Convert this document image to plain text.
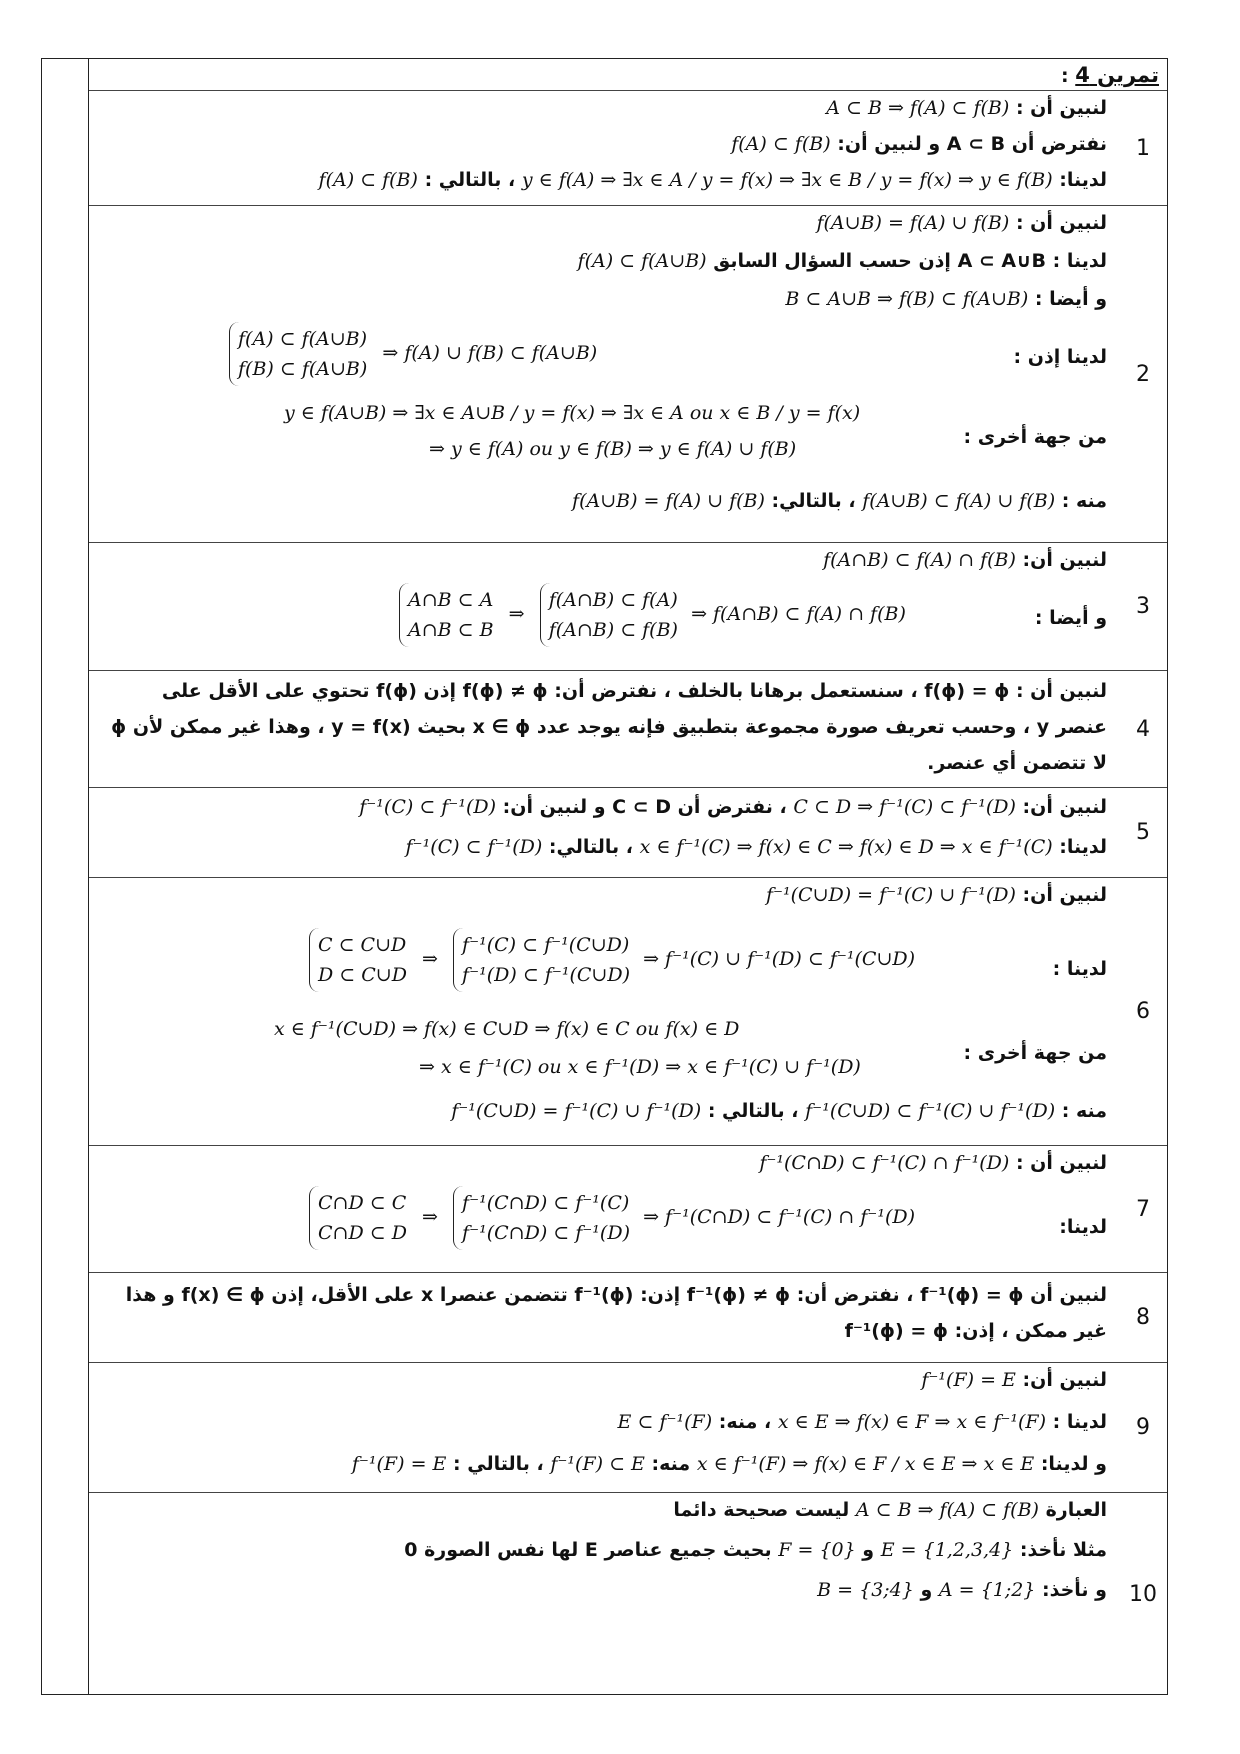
تمرين 4 :
1
لنبين أن : A ⊂ B ⇒ f(A) ⊂ f(B)
نفترض أن A ⊂ B و لنبين أن: f(A) ⊂ f(B)
لدينا: y ∈ f(A) ⇒ ∃x ∈ A / y = f(x) ⇒ ∃x ∈ B / y = f(x) ⇒ y ∈ f(B) ، بالتالي : f(A) ⊂ f(B)
2
لنبين أن : f(A∪B) = f(A) ∪ f(B)
لدينا : A ⊂ A∪B إذن حسب السؤال السابق f(A) ⊂ f(A∪B)
و أيضا : B ⊂ A∪B ⇒ f(B) ⊂ f(A∪B)
لدينا إذن :
f(A) ⊂ f(A∪B)
f(B) ⊂ f(A∪B) ⇒ f(A) ∪ f(B) ⊂ f(A∪B)
من جهة أخرى :
y ∈ f(A∪B) ⇒ ∃x ∈ A∪B / y = f(x) ⇒ ∃x ∈ A ou x ∈ B / y = f(x)
⇒ y ∈ f(A) ou y ∈ f(B) ⇒ y ∈ f(A) ∪ f(B)
منه : f(A∪B) ⊂ f(A) ∪ f(B) ، بالتالي: f(A∪B) = f(A) ∪ f(B)
3
لنبين أن: f(A∩B) ⊂ f(A) ∩ f(B)
و أيضا :
A∩B ⊂ A
A∩B ⊂ B ⇒ f(A∩B) ⊂ f(A)
f(A∩B) ⊂ f(B) ⇒ f(A∩B) ⊂ f(A) ∩ f(B)
4
لنبين أن : f(ϕ) = ϕ ، سنستعمل برهانا بالخلف ، نفترض أن: f(ϕ) ≠ ϕ إذن f(ϕ) تحتوي على الأقل على عنصر y ، وحسب تعريف صورة مجموعة بتطبيق فإنه يوجد عدد x ∈ ϕ بحيث y = f(x) ، وهذا غير ممكن لأن ϕ لا تتضمن أي عنصر.
5
لنبين أن: C ⊂ D ⇒ f⁻¹(C) ⊂ f⁻¹(D) ، نفترض أن C ⊂ D و لنبين أن: f⁻¹(C) ⊂ f⁻¹(D)
لدينا: x ∈ f⁻¹(C) ⇒ f(x) ∈ C ⇒ f(x) ∈ D ⇒ x ∈ f⁻¹(C) ، بالتالي: f⁻¹(C) ⊂ f⁻¹(D)
6
لنبين أن: f⁻¹(C∪D) = f⁻¹(C) ∪ f⁻¹(D)
لدينا :
C ⊂ C∪D
D ⊂ C∪D ⇒ f⁻¹(C) ⊂ f⁻¹(C∪D)
f⁻¹(D) ⊂ f⁻¹(C∪D) ⇒ f⁻¹(C) ∪ f⁻¹(D) ⊂ f⁻¹(C∪D)
من جهة أخرى :
x ∈ f⁻¹(C∪D) ⇒ f(x) ∈ C∪D ⇒ f(x) ∈ C ou f(x) ∈ D
⇒ x ∈ f⁻¹(C) ou x ∈ f⁻¹(D) ⇒ x ∈ f⁻¹(C) ∪ f⁻¹(D)
منه : f⁻¹(C∪D) ⊂ f⁻¹(C) ∪ f⁻¹(D) ، بالتالي : f⁻¹(C∪D) = f⁻¹(C) ∪ f⁻¹(D)
7
لنبين أن : f⁻¹(C∩D) ⊂ f⁻¹(C) ∩ f⁻¹(D)
لدينا:
C∩D ⊂ C
C∩D ⊂ D ⇒ f⁻¹(C∩D) ⊂ f⁻¹(C)
f⁻¹(C∩D) ⊂ f⁻¹(D) ⇒ f⁻¹(C∩D) ⊂ f⁻¹(C) ∩ f⁻¹(D)
8
لنبين أن f⁻¹(ϕ) = ϕ ، نفترض أن: f⁻¹(ϕ) ≠ ϕ إذن: f⁻¹(ϕ) تتضمن عنصرا x على الأقل، إذن f(x) ∈ ϕ و هذا غير ممكن ، إذن: f⁻¹(ϕ) = ϕ
9
لنبين أن: f⁻¹(F) = E
لدينا : x ∈ E ⇒ f(x) ∈ F ⇒ x ∈ f⁻¹(F) ، منه: E ⊂ f⁻¹(F)
و لدينا: x ∈ f⁻¹(F) ⇒ f(x) ∈ F / x ∈ E ⇒ x ∈ E منه: f⁻¹(F) ⊂ E ، بالتالي : f⁻¹(F) = E
10
العبارة A ⊂ B ⇒ f(A) ⊂ f(B) ليست صحيحة دائما
مثلا نأخذ: E = {1,2,3,4} و F = {0} بحيث جميع عناصر E لها نفس الصورة 0
و نأخذ: A = {1;2} و B = {3;4}
